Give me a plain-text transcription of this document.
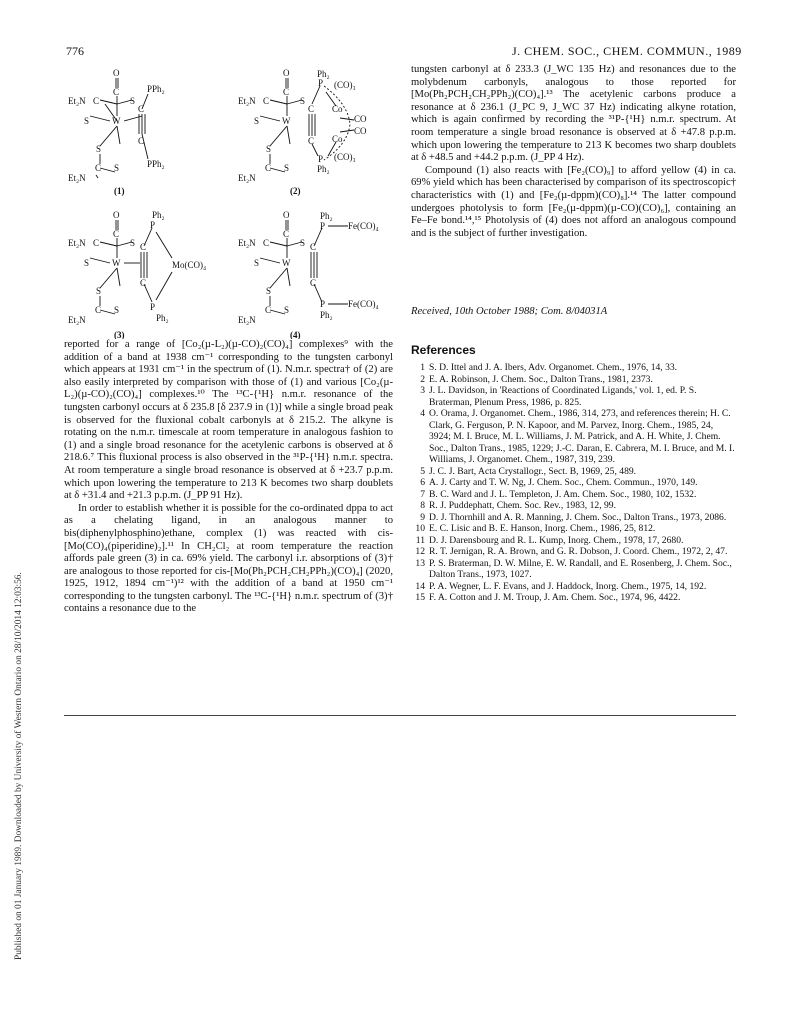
776	J. CHEM. SOC., CHEM. COMMUN., 1989
Published on 01 January 1989. Downloaded by University of Western Ontario on 28/10/2014 12:03:56.
O
C
Et₂N C	S
PPh₂
C
S	W
C
S
PPh₂
C S
Et₂N
(1)
O
C
Et₂N C	S
Ph₂
P (CO)₃
Co
CO
C
S	W
CO
C Co
S
P (CO)₃
Ph₂
C S
Et₂N
(2)
O
C
Et₂N C	S
Ph₂
P
C
Mo(CO)₄
S	W
C
S
P
Ph₂
C S
Et₂N
(3)
O
C
Et₂N C	S
Ph₂
P	Fe(CO)₄
C
S	W
C
S
P	Fe(CO)₄
Ph₂
C S
Et₂N
(4)

reported for a range of [Co₂(µ-L₂)(µ-CO)₂(CO)₄] complexes⁹ with the addition of a band at 1938 cm⁻¹ corresponding to the tungsten carbonyl which appears at 1931 cm⁻¹ in the spectrum of (1). N.m.r. spectra† of (2) are also easily interpreted by comparison with those of (1) and various [Co₂(µ-L₂)(µ-CO)₂(CO)₄] complexes.¹⁰ The ¹³C-{¹H} n.m.r. resonance of the tungsten carbonyl occurs at δ 235.8 [δ 237.9 in (1)] while a single broad peak is observed for the fluxional cobalt carbonyls at δ 215.2. The alkyne is rotating on the n.m.r. timescale at room temperature in analogous fashion to (1) and a single broad resonance for the acetylenic carbons is observed at δ 218.6.⁷ This fluxional process is also observed in the ³¹P-{¹H} n.m.r. spectra. At room temperature a single broad resonance is observed at δ +23.7 p.p.m. which upon lowering the temperature to 213 K becomes two sharp doublets at δ +31.4 and +21.3 p.p.m. (J_PP 91 Hz).

In order to establish whether it is possible for the co-ordinated dppa to act as a chelating ligand, in an analogous manner to bis(diphenylphosphino)ethane, complex (1) was reacted with cis-[Mo(CO)₄(piperidine)₂].¹¹ In CH₂Cl₂ at room temperature the reaction affords pale green (3) in ca. 69% yield. The carbonyl i.r. absorptions of (3)† are analogous to those reported for cis-[Mo(Ph₂PCH₂CH₂PPh₂)(CO)₄] (2020, 1925, 1912, 1894 cm⁻¹)¹² with the addition of a band at 1950 cm⁻¹ corresponding to the tungsten carbonyl. The ¹³C-{¹H} n.m.r. spectrum of (3)† contains a resonance due to the

tungsten carbonyl at δ 233.3 (J_WC 135 Hz) and resonances due to the molybdenum carbonyls, analogous to those reported for [Mo(Ph₂PCH₂CH₂PPh₂)(CO)₄].¹³ The acetylenic carbons produce a resonance at δ 236.1 (J_PC 9, J_WC 37 Hz) indicating alkyne rotation, which is again confirmed by recording the ³¹P-{¹H} n.m.r. spectrum. At room temperature a single broad resonance is observed at δ +47.8 p.p.m. which upon lowering the temperature to 213 K becomes two sharp doublets at δ +48.5 and +44.2 p.p.m. (J_PP 4 Hz).

Compound (1) also reacts with [Fe₂(CO)₉] to afford yellow (4) in ca. 69% yield which has been characterised by comparison of its spectroscopic† characteristics with (1) and [Fe₂(µ-dppm)(CO)₈].¹⁴ The latter compound undergoes photolysis to form [Fe₂(µ-dppm)(µ-CO)(CO)₆], containing an Fe–Fe bond.¹⁴,¹⁵ Photolysis of (4) does not afford an analogous compound and is the subject of further investigation.

Received, 10th October 1988; Com. 8/04031A
References
1 S. D. Ittel and J. A. Ibers, Adv. Organomet. Chem., 1976, 14, 33.
2 E. A. Robinson, J. Chem. Soc., Dalton Trans., 1981, 2373.
3 J. L. Davidson, in 'Reactions of Coordinated Ligands,' vol. 1, ed. P. S. Braterman, Plenum Press, 1986, p. 825.
4 O. Orama, J. Organomet. Chem., 1986, 314, 273, and references therein; H. C. Clark, G. Ferguson, P. N. Kapoor, and M. Parvez, Inorg. Chem., 1985, 24, 3924; M. I. Bruce, M. L. Williams, J. M. Patrick, and A. H. White, J. Chem. Soc., Dalton Trans., 1985, 1229; J.-C. Daran, E. Cabrera, M. I. Bruce, and M. I. Williams, J. Organomet. Chem., 1987, 319, 239.
5 J. C. J. Bart, Acta Crystallogr., Sect. B, 1969, 25, 489.
6 A. J. Carty and T. W. Ng, J. Chem. Soc., Chem. Commun., 1970, 149.
7 B. C. Ward and J. L. Templeton, J. Am. Chem. Soc., 1980, 102, 1532.
8 R. J. Puddephatt, Chem. Soc. Rev., 1983, 12, 99.
9 D. J. Thornhill and A. R. Manning, J. Chem. Soc., Dalton Trans., 1973, 2086.
10 E. C. Lisic and B. E. Hanson, Inorg. Chem., 1986, 25, 812.
11 D. J. Darensbourg and R. L. Kump, Inorg. Chem., 1978, 17, 2680.
12 R. T. Jernigan, R. A. Brown, and G. R. Dobson, J. Coord. Chem., 1972, 2, 47.
13 P. S. Braterman, D. W. Milne, E. W. Randall, and E. Rosenberg, J. Chem. Soc., Dalton Trans., 1973, 1027.
14 P. A. Wegner, L. F. Evans, and J. Haddock, Inorg. Chem., 1975, 14, 192.
15 F. A. Cotton and J. M. Troup, J. Am. Chem. Soc., 1974, 96, 4422.
